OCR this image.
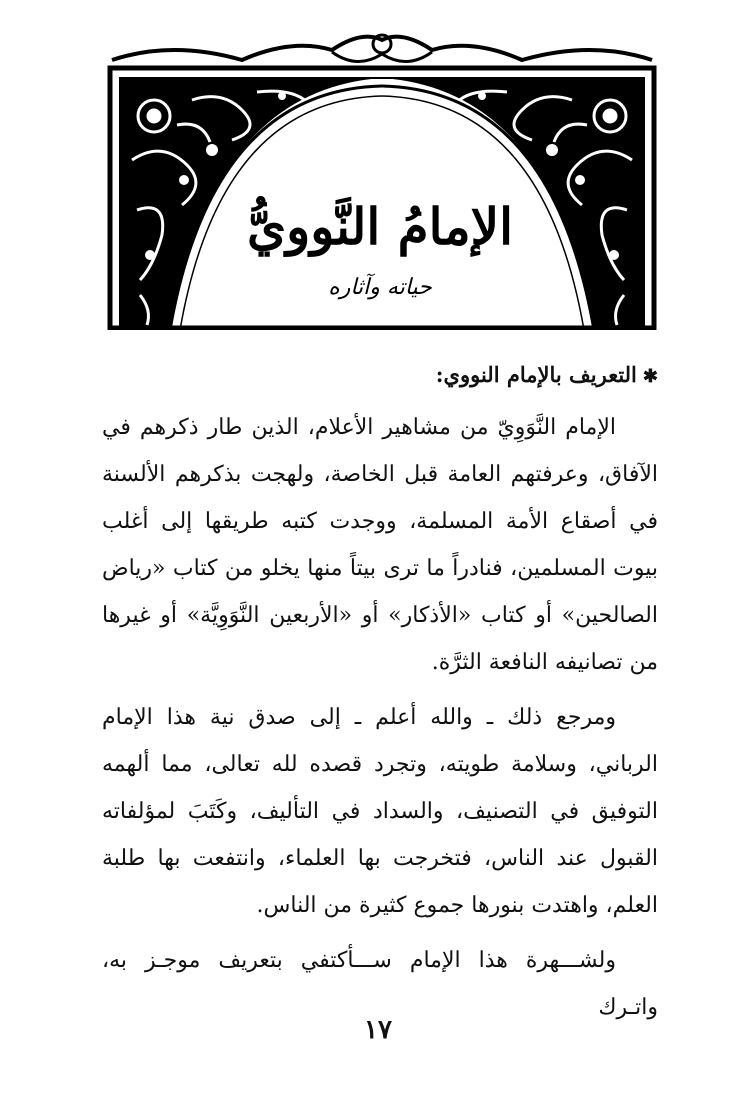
الإمامُ النَّوويُّ
حياته وآثاره
✱التعريف بالإمام النووي:

الإمام النَّوَوِيّ من مشاهير الأعلام، الذين طار ذكرهم في الآفاق، وعرفتهم العامة قبل الخاصة، ولهجت بذكرهم الألسنة في أصقاع الأمة المسلمة، ووجدت كتبه طريقها إلى أغلب بيوت المسلمين، فنادراً ما ترى بيتاً منها يخلو من كتاب «رياض الصالحين» أو كتاب «الأذكار» أو «الأربعين النَّوَوِيَّة» أو غيرها من تصانيفه النافعة الثرَّة.

ومرجع ذلك ـ والله أعلم ـ إلى صدق نية هذا الإمام الرباني، وسلامة طويته، وتجرد قصده لله تعالى، مما ألهمه التوفيق في التصنيف، والسداد في التأليف، وكَتَبَ لمؤلفاته القبول عند الناس، فتخرجت بها العلماء، وانتفعت بها طلبة العلم، واهتدت بنورها جموع كثيرة من الناس.

ولشـــهرة هذا الإمام ســـأكتفي بتعريف موجـز به، واتـرك

١٧
